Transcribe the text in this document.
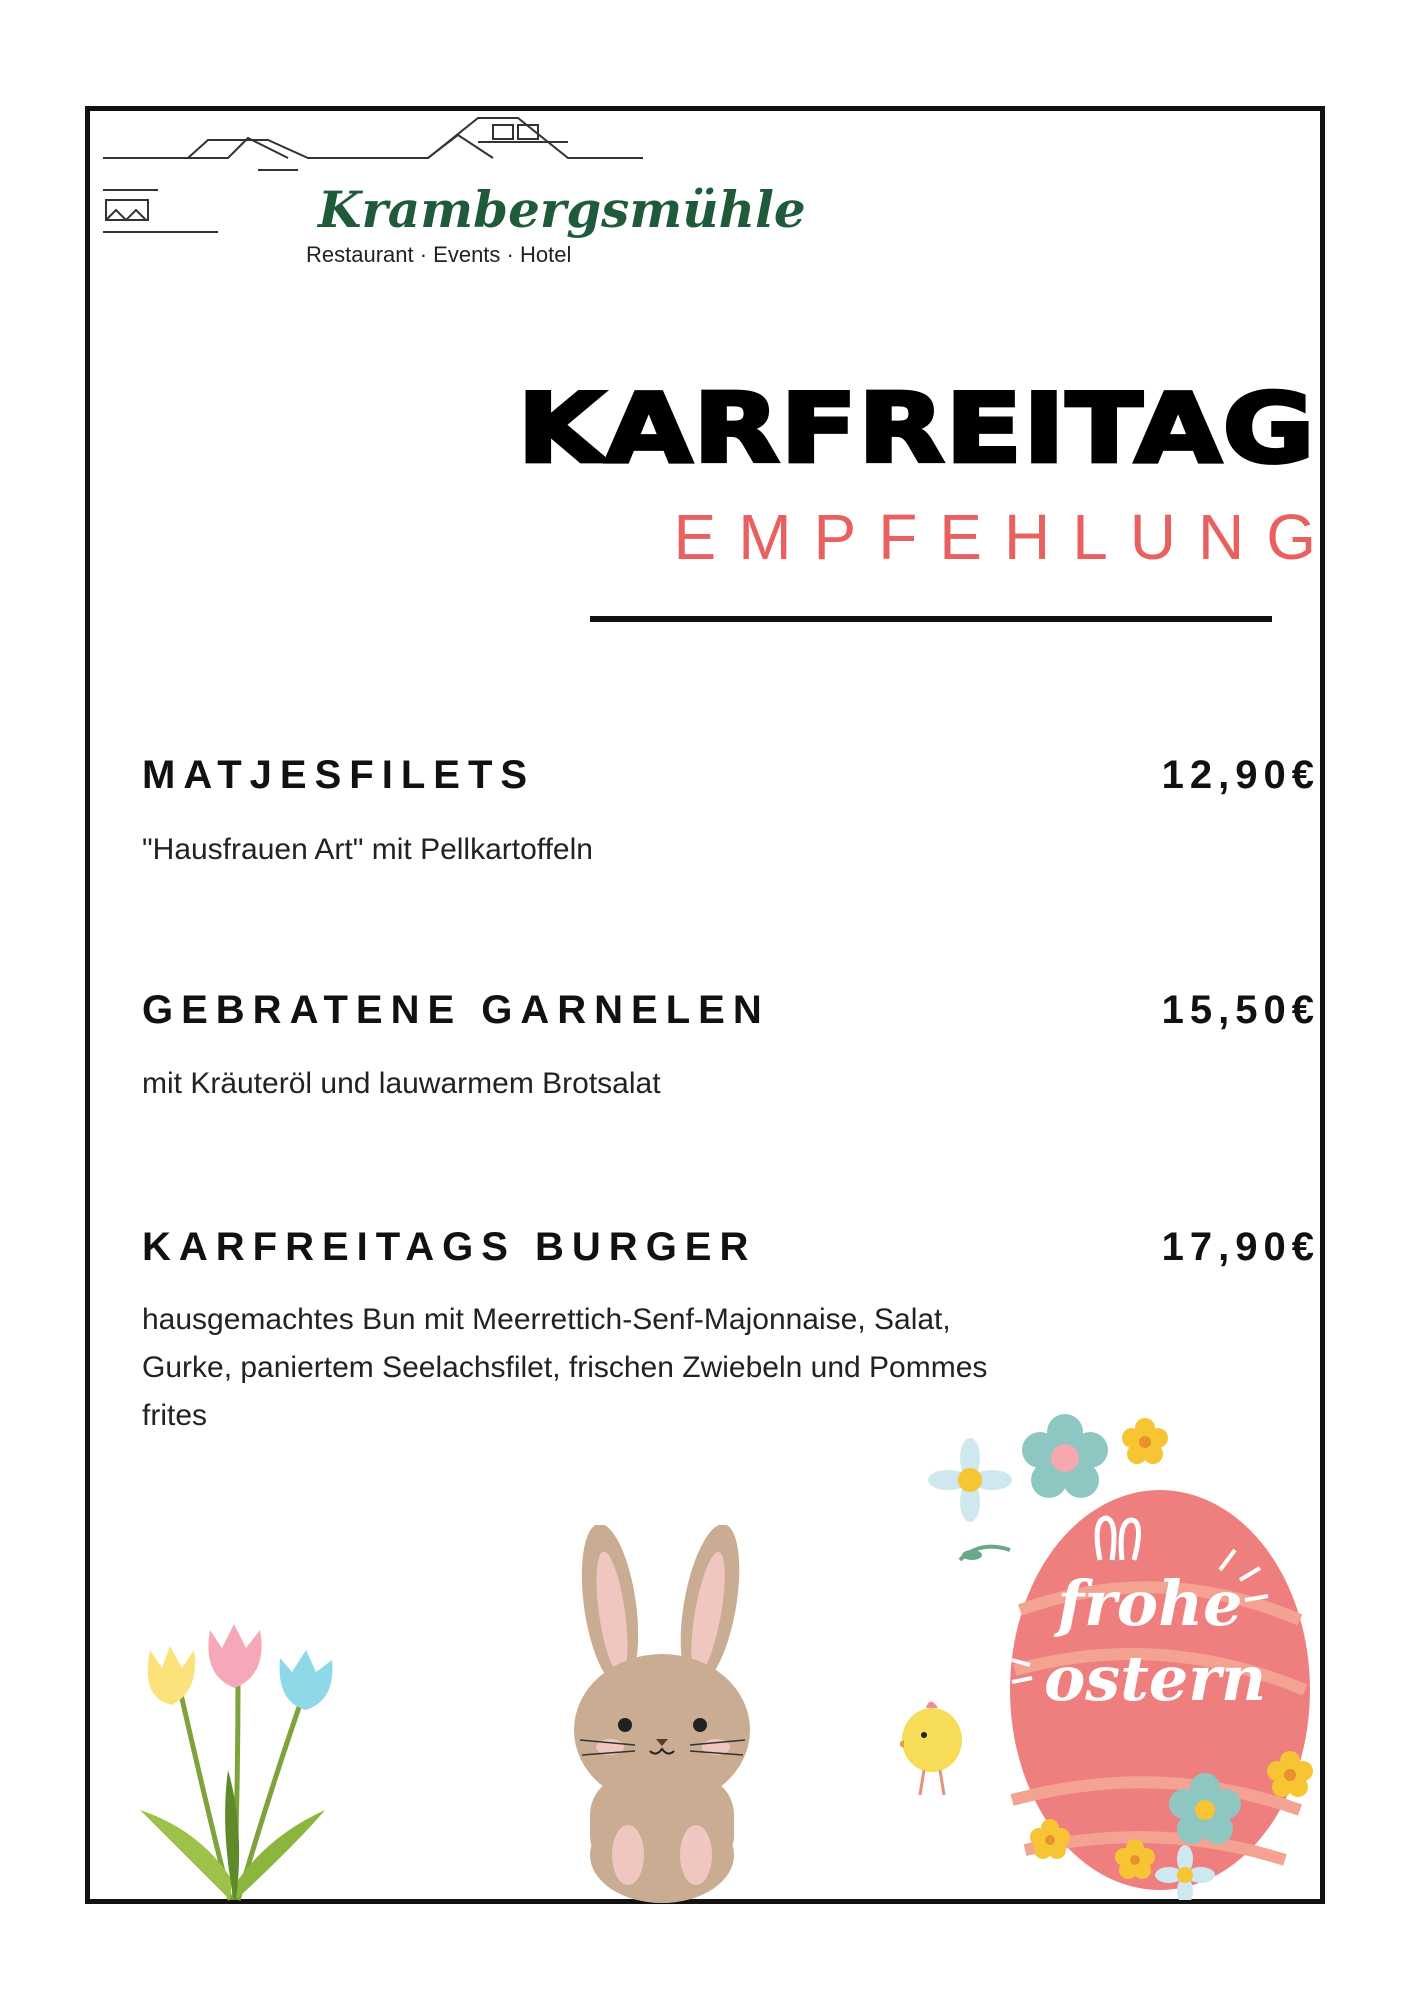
Krambergsmühle
Restaurant · Events · Hotel
KARFREITAG
EMPFEHLUNG
MATJESFILETS	12,90€
"Hausfrauen Art" mit Pellkartoffeln
GEBRATENE GARNELEN	15,50€
mit Kräuteröl und lauwarmem Brotsalat
KARFREITAGS BURGER	17,90€
hausgemachtes Bun mit Meerrettich-Senf-Majonnaise, Salat, Gurke, paniertem Seelachsfilet, frischen Zwiebeln und Pommes frites
frohe
ostern
